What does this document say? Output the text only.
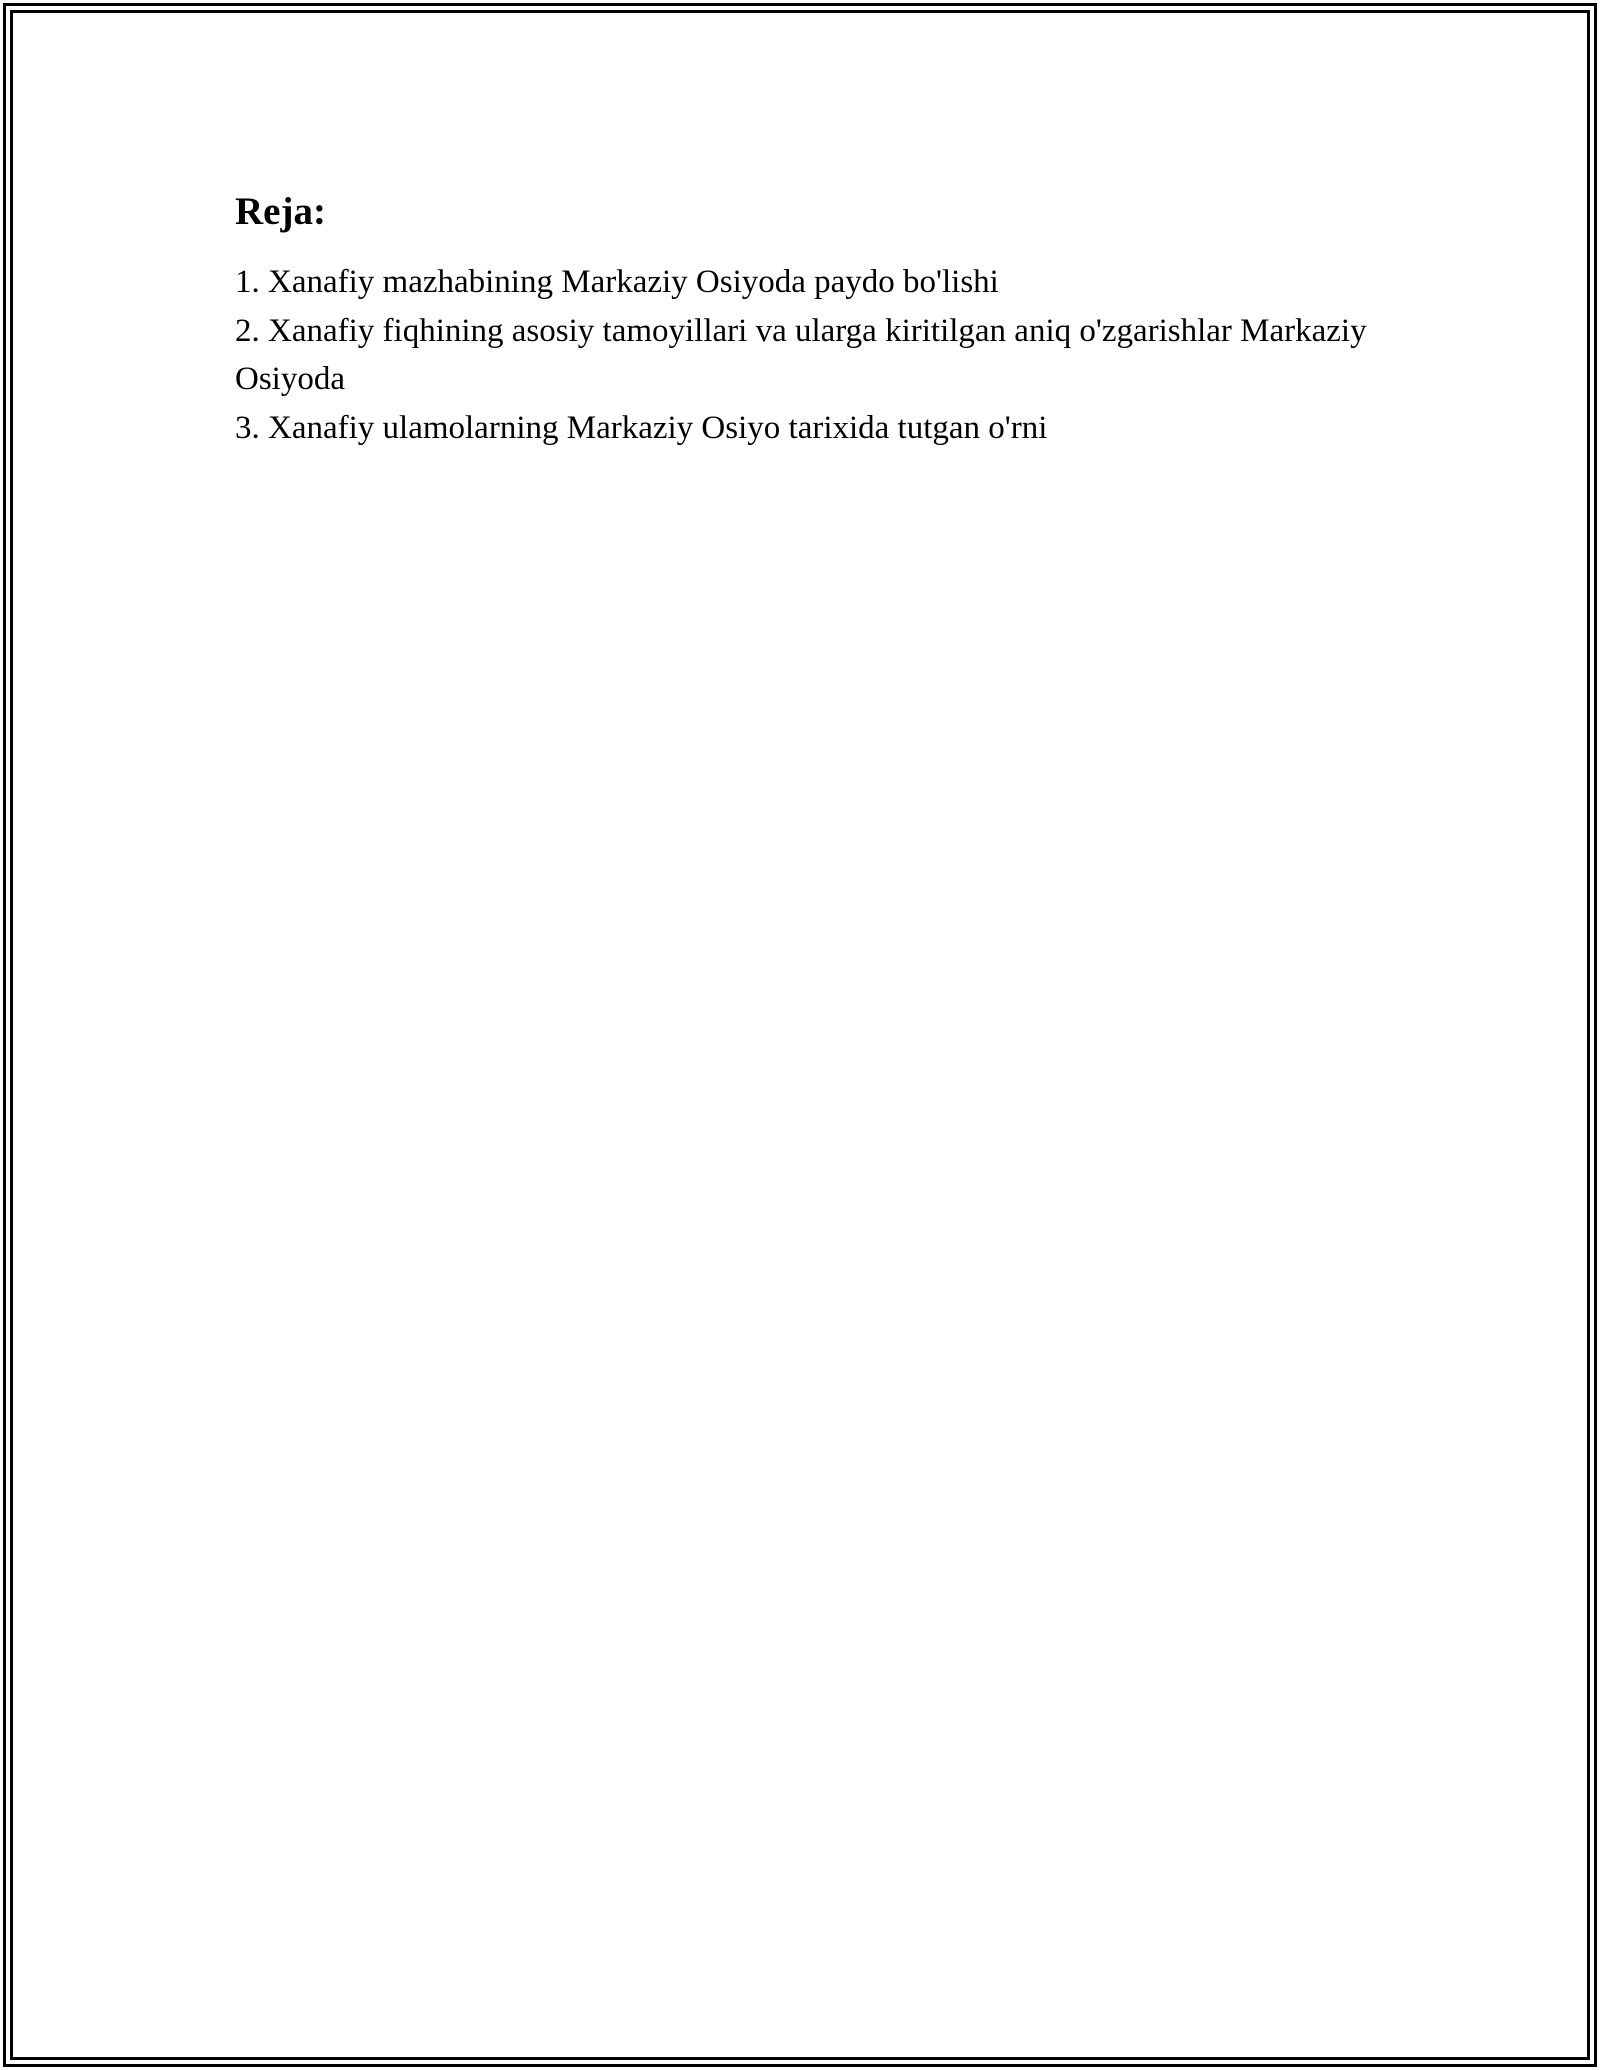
Reja:
1. Xanafiy mazhabining Markaziy Osiyoda paydo bo'lishi
2. Xanafiy fiqhining asosiy tamoyillari va ularga kiritilgan aniq o'zgarishlar Markaziy Osiyoda
3. Xanafiy ulamolarning Markaziy Osiyo tarixida tutgan o'rni
